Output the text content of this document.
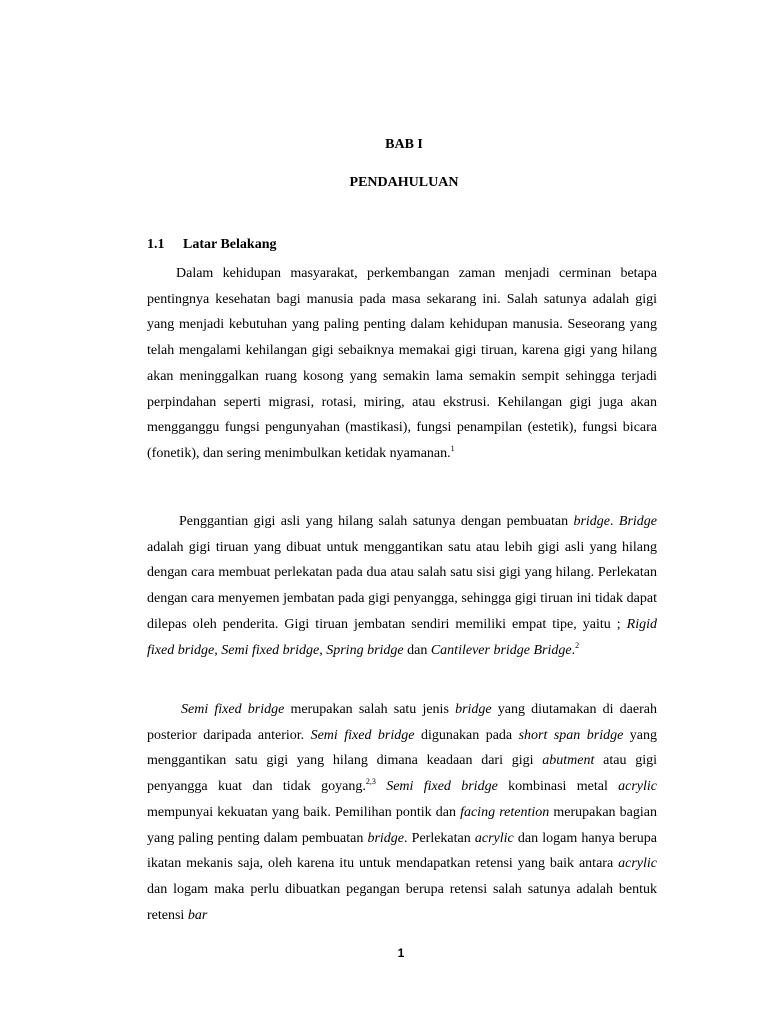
BAB I
PENDAHULUAN
1.1 Latar Belakang

Dalam kehidupan masyarakat, perkembangan zaman menjadi cerminan betapa pentingnya kesehatan bagi manusia pada masa sekarang ini. Salah satunya adalah gigi yang menjadi kebutuhan yang paling penting dalam kehidupan manusia. Seseorang yang telah mengalami kehilangan gigi sebaiknya memakai gigi tiruan, karena gigi yang hilang akan meninggalkan ruang kosong yang semakin lama semakin sempit sehingga terjadi perpindahan seperti migrasi, rotasi, miring, atau ekstrusi. Kehilangan gigi juga akan mengganggu fungsi pengunyahan (mastikasi), fungsi penampilan (estetik), fungsi bicara (fonetik), dan sering menimbulkan ketidak nyamanan.$^1$

Penggantian gigi asli yang hilang salah satunya dengan pembuatan bridge. Bridge adalah gigi tiruan yang dibuat untuk menggantikan satu atau lebih gigi asli yang hilang dengan cara membuat perlekatan pada dua atau salah satu sisi gigi yang hilang. Perlekatan dengan cara menyemen jembatan pada gigi penyangga, sehingga gigi tiruan ini tidak dapat dilepas oleh penderita. Gigi tiruan jembatan sendiri memiliki empat tipe, yaitu ; Rigid fixed bridge, Semi fixed bridge, Spring bridge dan Cantilever bridge Bridge.$^2$

Semi fixed bridge merupakan salah satu jenis bridge yang diutamakan di daerah posterior daripada anterior. Semi fixed bridge digunakan pada short span bridge yang menggantikan satu gigi yang hilang dimana keadaan dari gigi abutment atau gigi penyangga kuat dan tidak goyang.$^{2,3}$ Semi fixed bridge kombinasi metal acrylic mempunyai kekuatan yang baik. Pemilihan pontik dan facing retention merupakan bagian yang paling penting dalam pembuatan bridge. Perlekatan acrylic dan logam hanya berupa ikatan mekanis saja, oleh karena itu untuk mendapatkan retensi yang baik antara acrylic dan logam maka perlu dibuatkan pegangan berupa retensi salah satunya adalah bentuk retensi bar

1
